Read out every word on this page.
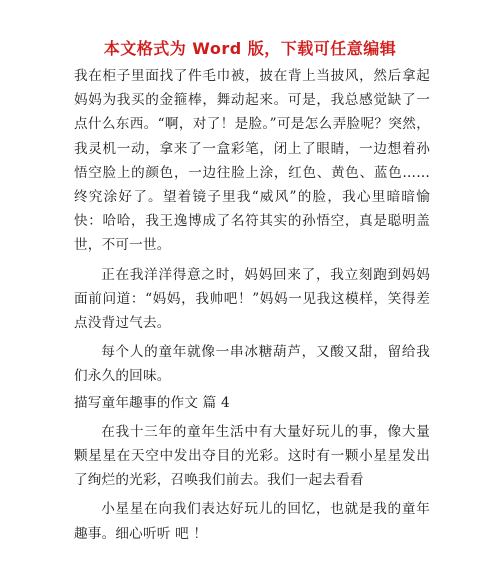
本文格式为 Word 版，下载可任意编辑

我在柜子里面找了件毛巾被，披在背上当披风，然后拿起妈妈为我买的金箍棒，舞动起来。可是，我总感觉缺了一点什么东西。“啊，对了！是脸。”可是怎么弄脸呢？突然，我灵机一动，拿来了一盒彩笔，闭上了眼睛，一边想着孙悟空脸上的颜色，一边往脸上涂，红色、黄色、蓝色……终究涂好了。望着镜子里我“威风”的脸，我心里暗暗愉快：哈哈，我王逸博成了名符其实的孙悟空，真是聪明盖世，不可一世。

正在我洋洋得意之时，妈妈回来了，我立刻跑到妈妈面前问道：“妈妈，我帅吧！”妈妈一见我这模样，笑得差点没背过气去。

每个人的童年就像一串冰糖葫芦，又酸又甜，留给我们永久的回味。

描写童年趣事的作文 篇 4

在我十三年的童年生活中有大量好玩儿的事，像大量颗星星在天空中发出夺目的光彩。这时有一颗小星星发出了绚烂的光彩，召唤我们前去。我们一起去看看

小星星在向我们表达好玩儿的回忆，也就是我的童年趣事。细心听听 吧 ！
